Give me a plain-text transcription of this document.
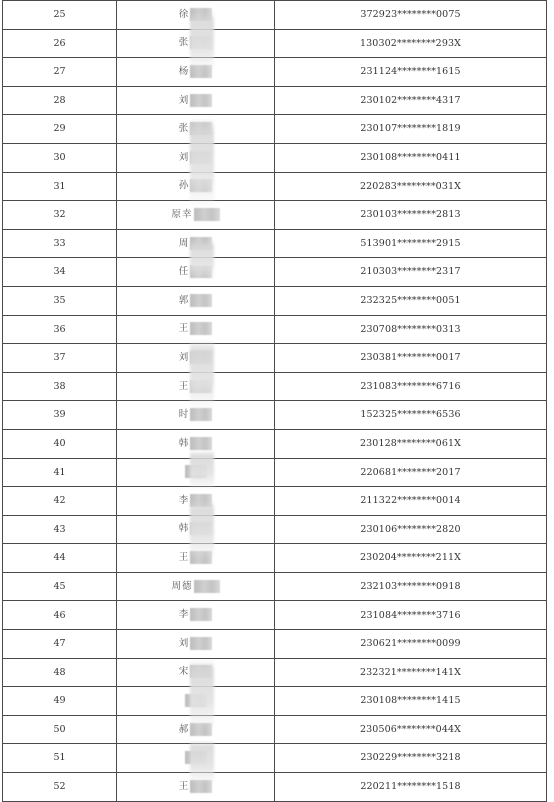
25	徐	372923********0075
26	张	130302********293X
27	杨	231124********1615
28	刘	230102********4317
29	张	230107********1819
30	刘	230108********0411
31	孙	220283********031X
32	原幸	230103********2813
33	周	513901********2915
34	任	210303********2317
35	郭	232325********0051
36	王	230708********0313
37	刘	230381********0017
38	王	231083********6716
39	时	152325********6536
40	韩	230128********061X
41		220681********2017
42	李	211322********0014
43	韩	230106********2820
44	王	230204********211X
45	周德	232103********0918
46	李	231084********3716
47	刘	230621********0099
48	宋	232321********141X
49		230108********1415
50	郝	230506********044X
51		230229********3218
52	王	220211********1518
